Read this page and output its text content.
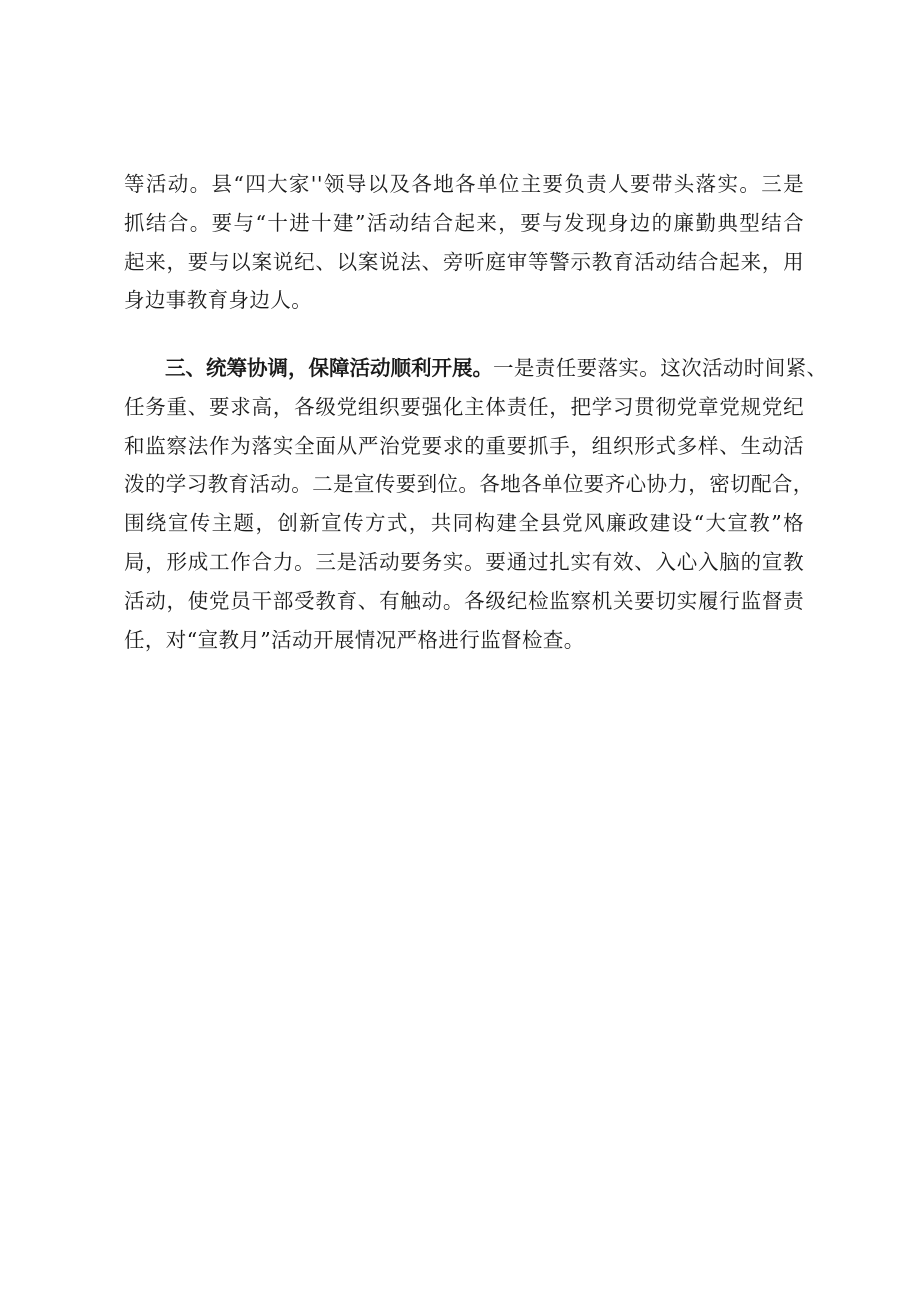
等活动。县“四大家''领导以及各地各单位主要负责人要带头落实。三是
抓结合。要与“十进十建”活动结合起来，要与发现身边的廉勤典型结合
起来，要与以案说纪、以案说法、旁听庭审等警示教育活动结合起来，用
身边事教育身边人。
三、统筹协调，保障活动顺利开展。一是责任要落实。这次活动时间紧、
任务重、要求高，各级党组织要强化主体责任，把学习贯彻党章党规党纪
和监察法作为落实全面从严治党要求的重要抓手，组织形式多样、生动活
泼的学习教育活动。二是宣传要到位。各地各单位要齐心协力，密切配合，
围绕宣传主题，创新宣传方式，共同构建全县党风廉政建设“大宣教”格
局，形成工作合力。三是活动要务实。要通过扎实有效、入心入脑的宣教
活动，使党员干部受教育、有触动。各级纪检监察机关要切实履行监督责
任，对“宣教月”活动开展情况严格进行监督检查。
